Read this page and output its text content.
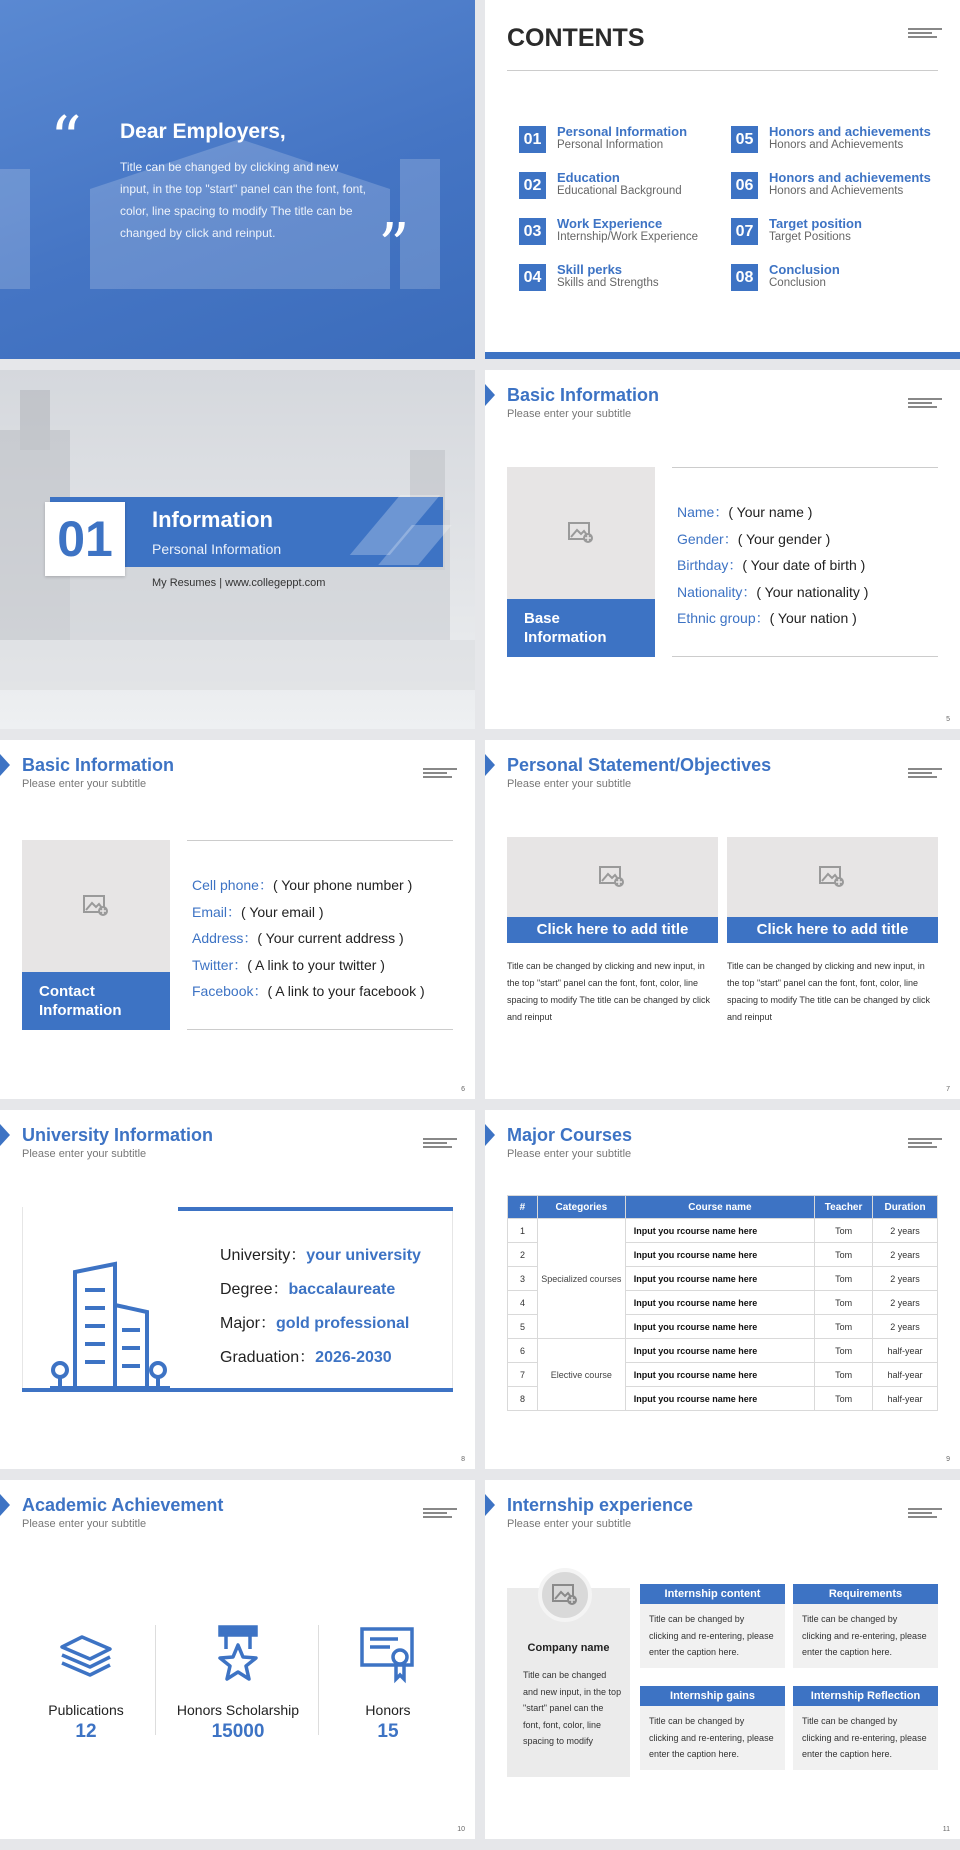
“
”
Dear Employers,
Title can be changed by clicking and new input, in the top "start" panel can the font, font, color, line spacing to modify The title can be changed by click and reinput.
CONTENTS
01	Personal Information
Personal Information
02	Education
Educational Background
03	Work Experience
Internship/Work Experience
04	Skill perks
Skills and Strengths
05	Honors and achievements
Honors and Achievements
06	Honors and achievements
Honors and Achievements
07	Target position
Target Positions
08	Conclusion
Conclusion
01	Information
Personal Information
My Resumes | www.collegeppt.com
Basic Information
Please enter your subtitle
Base Information
Name：( Your name )
Gender：( Your gender )
Birthday：( Your date of birth )
Nationality：( Your nationality )
Ethnic group：( Your nation )
5
Basic Information
Please enter your subtitle
Contact Information
Cell phone：( Your phone number )
Email：( Your email )
Address：( Your current address )
Twitter：( A link to your twitter )
Facebook：( A link to your facebook )
6
Personal Statement/Objectives
Please enter your subtitle
Click here to add title
Title can be changed by clicking and new input, in the top "start" panel can the font, font, color, line spacing to modify The title can be changed by click and reinput
Click here to add title
Title can be changed by clicking and new input, in the top "start" panel can the font, font, color, line spacing to modify The title can be changed by click and reinput
7
University Information
Please enter your subtitle
University：your university
Degree：baccalaureate
Major：gold professional
Graduation：2026-2030
8
Major Courses
Please enter your subtitle
#	Categories	Course name	Teacher	Duration
1	Specialized courses	Input you rcourse name here	Tom	2 years
2		Input you rcourse name here	Tom	2 years
3		Input you rcourse name here	Tom	2 years
4		Input you rcourse name here	Tom	2 years
5		Input you rcourse name here	Tom	2 years
6	Elective course	Input you rcourse name here	Tom	half-year
7		Input you rcourse name here	Tom	half-year
8		Input you rcourse name here	Tom	half-year
9
Academic Achievement
Please enter your subtitle
Publications
12
Honors Scholarship
15000
Honors
15
10
Internship experience
Please enter your subtitle
Company name
Title can be changed and new input, in the top "start" panel can the font, font, color, line spacing to modify
Internship content
Title can be changed by clicking and re-entering, please enter the caption here.
Requirements
Title can be changed by clicking and re-entering, please enter the caption here.
Internship gains
Title can be changed by clicking and re-entering, please enter the caption here.
Internship Reflection
Title can be changed by clicking and re-entering, please enter the caption here.
11
